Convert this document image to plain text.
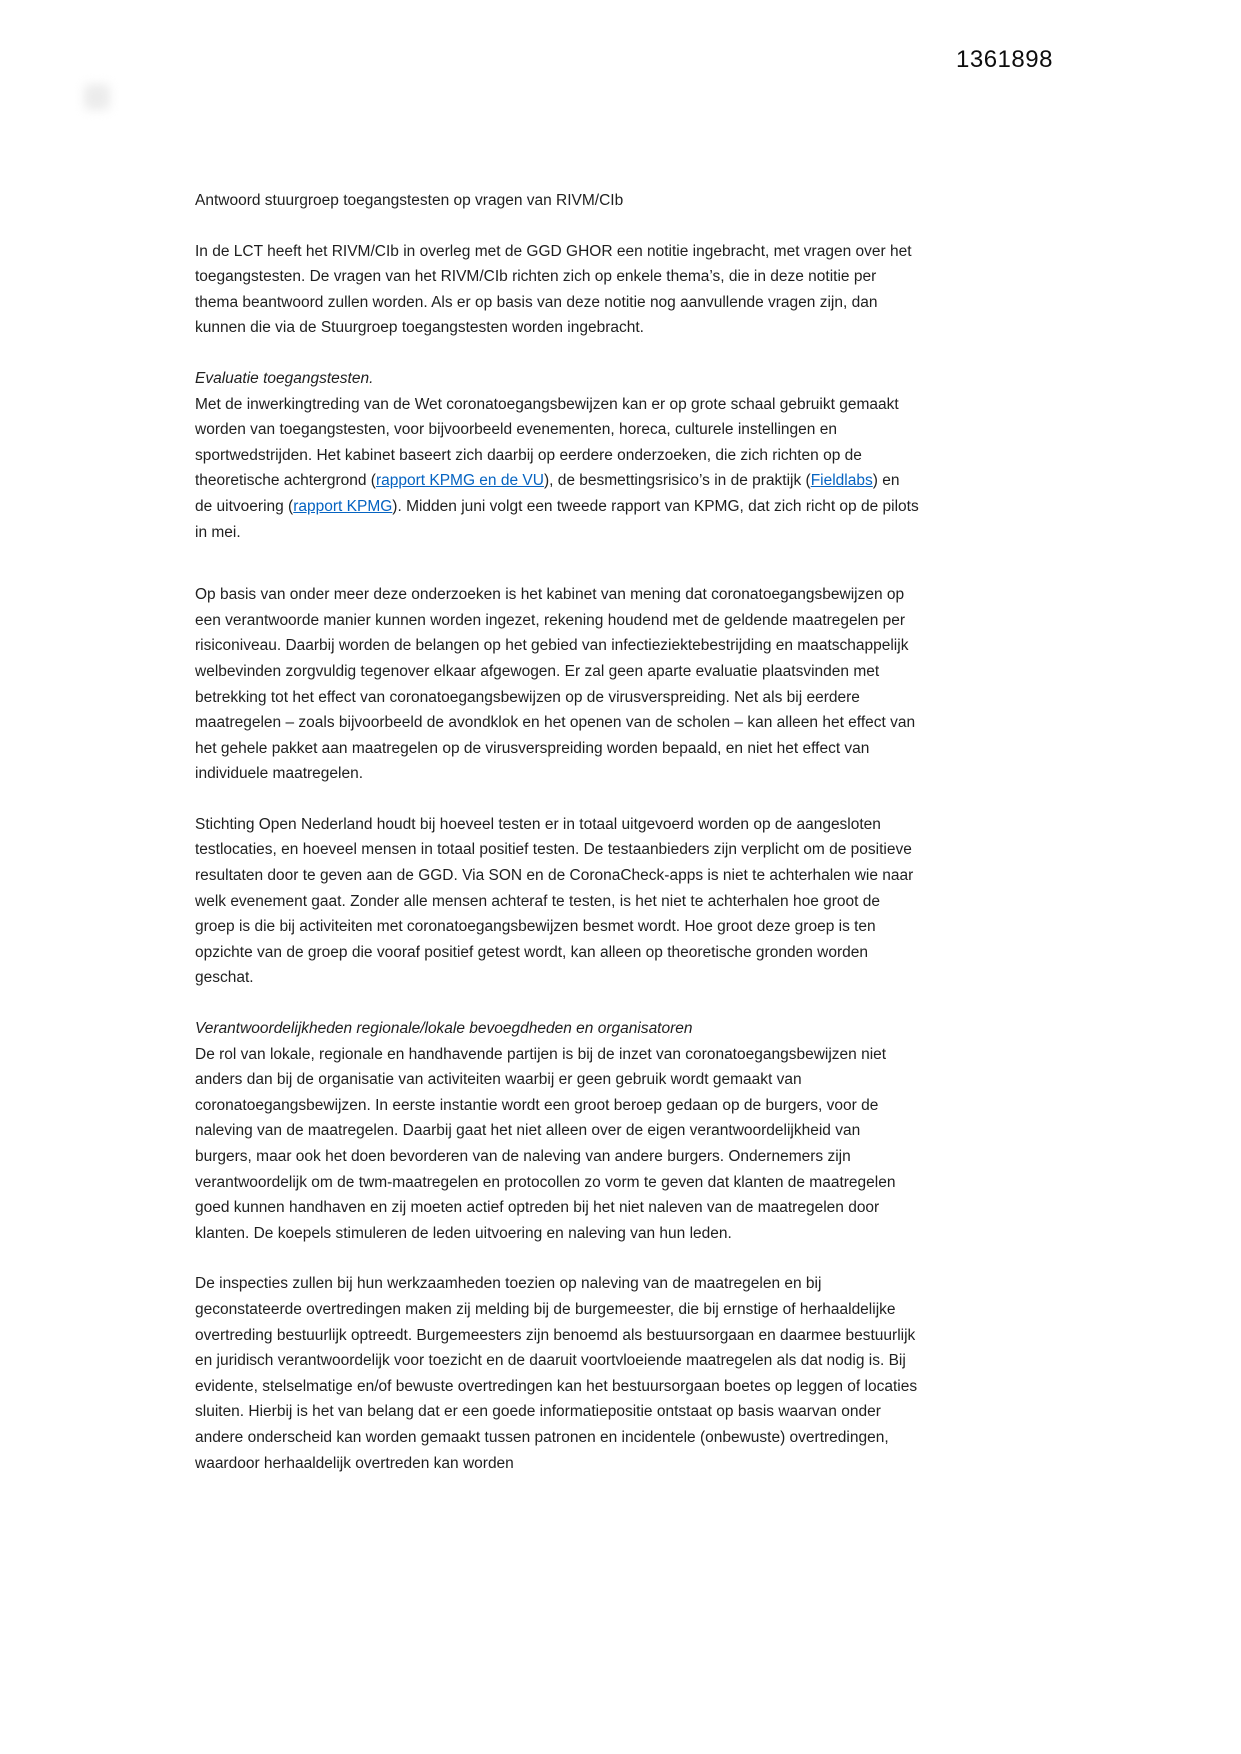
1361898

Antwoord stuurgroep toegangstesten op vragen van RIVM/CIb

In de LCT heeft het RIVM/CIb in overleg met de GGD GHOR een notitie ingebracht, met vragen over het toegangstesten. De vragen van het RIVM/CIb richten zich op enkele thema’s, die in deze notitie per thema beantwoord zullen worden. Als er op basis van deze notitie nog aanvullende vragen zijn, dan kunnen die via de Stuurgroep toegangstesten worden ingebracht.

Evaluatie toegangstesten.

Met de inwerkingtreding van de Wet coronatoegangsbewijzen kan er op grote schaal gebruikt gemaakt worden van toegangstesten, voor bijvoorbeeld evenementen, horeca, culturele instellingen en sportwedstrijden. Het kabinet baseert zich daarbij op eerdere onderzoeken, die zich richten op de theoretische achtergrond (rapport KPMG en de VU), de besmettingsrisico’s in de praktijk (Fieldlabs) en de uitvoering (rapport KPMG). Midden juni volgt een tweede rapport van KPMG, dat zich richt op de pilots in mei.

Op basis van onder meer deze onderzoeken is het kabinet van mening dat coronatoegangsbewijzen op een verantwoorde manier kunnen worden ingezet, rekening houdend met de geldende maatregelen per risiconiveau. Daarbij worden de belangen op het gebied van infectieziektebestrijding en maatschappelijk welbevinden zorgvuldig tegenover elkaar afgewogen. Er zal geen aparte evaluatie plaatsvinden met betrekking tot het effect van coronatoegangsbewijzen op de virusverspreiding. Net als bij eerdere maatregelen – zoals bijvoorbeeld de avondklok en het openen van de scholen – kan alleen het effect van het gehele pakket aan maatregelen op de virusverspreiding worden bepaald, en niet het effect van individuele maatregelen.

Stichting Open Nederland houdt bij hoeveel testen er in totaal uitgevoerd worden op de aangesloten testlocaties, en hoeveel mensen in totaal positief testen. De testaanbieders zijn verplicht om de positieve resultaten door te geven aan de GGD. Via SON en de CoronaCheck-apps is niet te achterhalen wie naar welk evenement gaat. Zonder alle mensen achteraf te testen, is het niet te achterhalen hoe groot de groep is die bij activiteiten met coronatoegangsbewijzen besmet wordt. Hoe groot deze groep is ten opzichte van de groep die vooraf positief getest wordt, kan alleen op theoretische gronden worden geschat.

Verantwoordelijkheden regionale/lokale bevoegdheden en organisatoren

De rol van lokale, regionale en handhavende partijen is bij de inzet van coronatoegangsbewijzen niet anders dan bij de organisatie van activiteiten waarbij er geen gebruik wordt gemaakt van coronatoegangsbewijzen. In eerste instantie wordt een groot beroep gedaan op de burgers, voor de naleving van de maatregelen. Daarbij gaat het niet alleen over de eigen verantwoordelijkheid van burgers, maar ook het doen bevorderen van de naleving van andere burgers. Ondernemers zijn verantwoordelijk om de twm-maatregelen en protocollen zo vorm te geven dat klanten de maatregelen goed kunnen handhaven en zij moeten actief optreden bij het niet naleven van de maatregelen door klanten. De koepels stimuleren de leden uitvoering en naleving van hun leden.

De inspecties zullen bij hun werkzaamheden toezien op naleving van de maatregelen en bij geconstateerde overtredingen maken zij melding bij de burgemeester, die bij ernstige of herhaaldelijke overtreding bestuurlijk optreedt. Burgemeesters zijn benoemd als bestuursorgaan en daarmee bestuurlijk en juridisch verantwoordelijk voor toezicht en de daaruit voortvloeiende maatregelen als dat nodig is. Bij evidente, stelselmatige en/of bewuste overtredingen kan het bestuursorgaan boetes op leggen of locaties sluiten. Hierbij is het van belang dat er een goede informatiepositie ontstaat op basis waarvan onder andere onderscheid kan worden gemaakt tussen patronen en incidentele (onbewuste) overtredingen, waardoor herhaaldelijk overtreden kan worden
